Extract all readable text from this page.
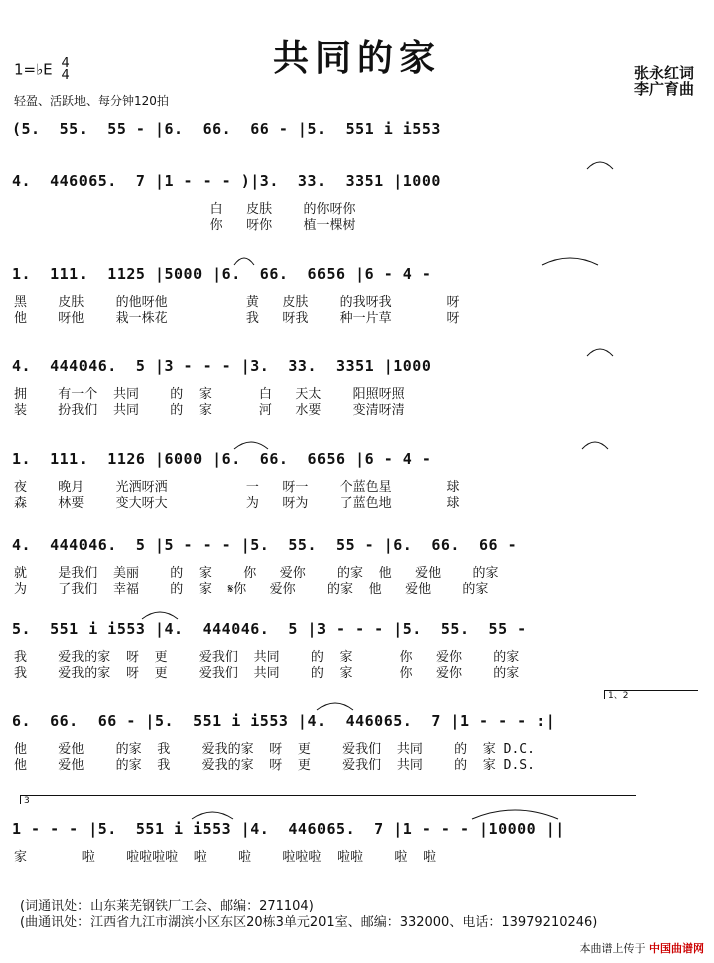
共同的家
1=♭E 4
4
轻盈、活跃地、每分钟120拍
张永红词
李广育曲
(5.  55.  55 - |6.  66.  66 - |5.  551 i i553
4.  446065.  7 |1 - - - )|3.  33.  3351 |1000
白   皮肤    的你呀你
你   呀你    植一棵树
1.  111.  1125 |5000 |6.  66.  6656 |6 - 4 -
黑    皮肤    的他呀他          黄   皮肤    的我呀我       呀
他    呀他    栽一株花          我   呀我    种一片草       呀
4.  444046.  5 |3 - - - |3.  33.  3351 |1000
拥    有一个  共同    的  家      白   天太    阳照呀照
装    扮我们  共同    的  家      河   水要    变清呀清
1.  111.  1126 |6000 |6.  66.  6656 |6 - 4 -
夜    晚月    光洒呀洒          一   呀一    个蓝色星       球
森    林要    变大呀大          为   呀为    了蓝色地       球
4.  444046.  5 |5 - - - |5.  55.  55 - |6.  66.  66 -
就    是我们  美丽    的  家    你   爱你    的家  他   爱他    的家
为    了我们  幸福    的  家  𝄋你   爱你    的家  他   爱他    的家
5.  551 i i553 |4.  444046.  5 |3 - - - |5.  55.  55 -
我    爱我的家  呀  更    爱我们  共同    的  家      你   爱你    的家
我    爱我的家  呀  更    爱我们  共同    的  家      你   爱你    的家
1、2
6.  66.  66 - |5.  551 i i553 |4.  446065.  7 |1 - - - :|
他    爱他    的家  我    爱我的家  呀  更    爱我们  共同    的  家 D.C.
他    爱他    的家  我    爱我的家  呀  更    爱我们  共同    的  家 D.S.
3
1 - - - |5.  551 i i553 |4.  446065.  7 |1 - - - |10000 ||
家       啦    啦啦啦啦  啦    啦    啦啦啦  啦啦    啦  啦
(词通讯处：山东莱芜钢铁厂工会、邮编：271104)
(曲通讯处：江西省九江市湖滨小区东区20栋3单元201室、邮编：332000、电话：13979210246)
本曲谱上传于 中国曲谱网
